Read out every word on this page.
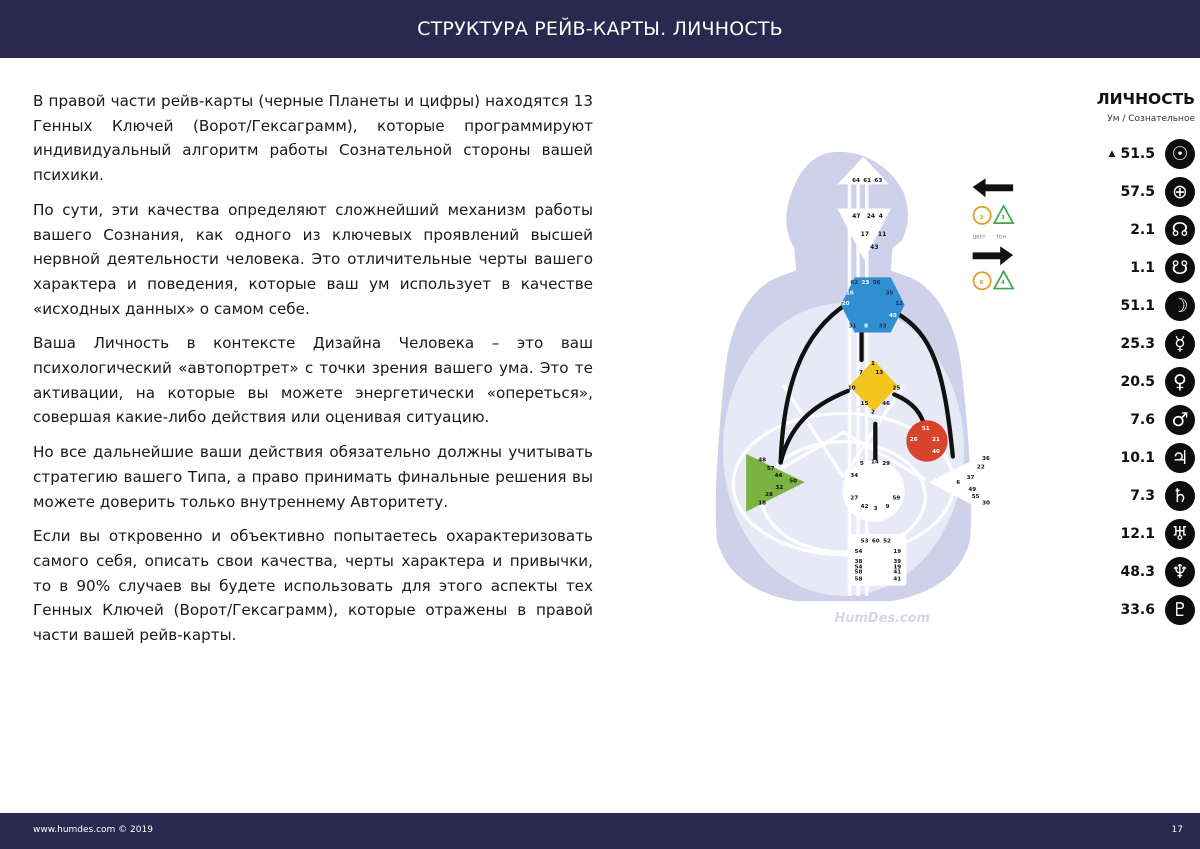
СТРУКТУРА РЕЙВ-КАРТЫ. ЛИЧНОСТЬ

В правой части рейв-карты (черные Планеты и цифры) находятся 13 Генных Ключей (Ворот/Гексаграмм), которые программируют индивидуальный алгоритм работы Сознательной стороны вашей психики.

По сути, эти качества определяют сложнейший механизм работы вашего Сознания, как одного из ключевых проявлений высшей нервной деятельности человека. Это отличительные черты вашего характера и поведения, которые ваш ум использует в качестве «исходных данных» о самом себе.

Ваша Личность в контексте Дизайна Человека – это ваш психологический «автопортрет» с точки зрения вашего ума. Это те активации, на которые вы можете энергетически «опереться», совершая какие-либо действия или оценивая ситуацию.

Но все дальнейшие ваши действия обязательно должны учитывать стратегию вашего Типа, а право принимать финальные решения вы можете доверить только внутреннему Авторитету.

Если вы откровенно и объективно попытаетесь охарактеризовать самого себя, описать свои качества, черты характера и привычки, то в 90% случаев вы будете использовать для этого аспекты тех Генных Ключей (Ворот/Гексаграмм), которые отражены в правой части вашей рейв-карты.

47 24 4
17 11
43
54	19
58	41
HumDes.com
64 61 63
62 23 56
16	35
20	12
45
31 8 33
1
7 13
10	25
15 46
2
51
21
26
40
48
57
44
50
32
28
18
5 14 29
34
27
42 3 9
59
36
22
37
6
49
55
30
53 60 52
54	19
38	39
58	41
3	3
6	4
ЦВЕТ ТОН
ЛИЧНОСТЬ
Ум / Сознательное
▲ 51.5 ☉
57.5 ⊕
2.1 ☊
1.1 ☋
51.1 ☽
25.3	☿
20.5 ♀
7.6 ♂
10.1 ♃
7.3 ♄
12.1 ♅
48.3 ♆
33.6 ♇
www.humdes.com © 2019	17
